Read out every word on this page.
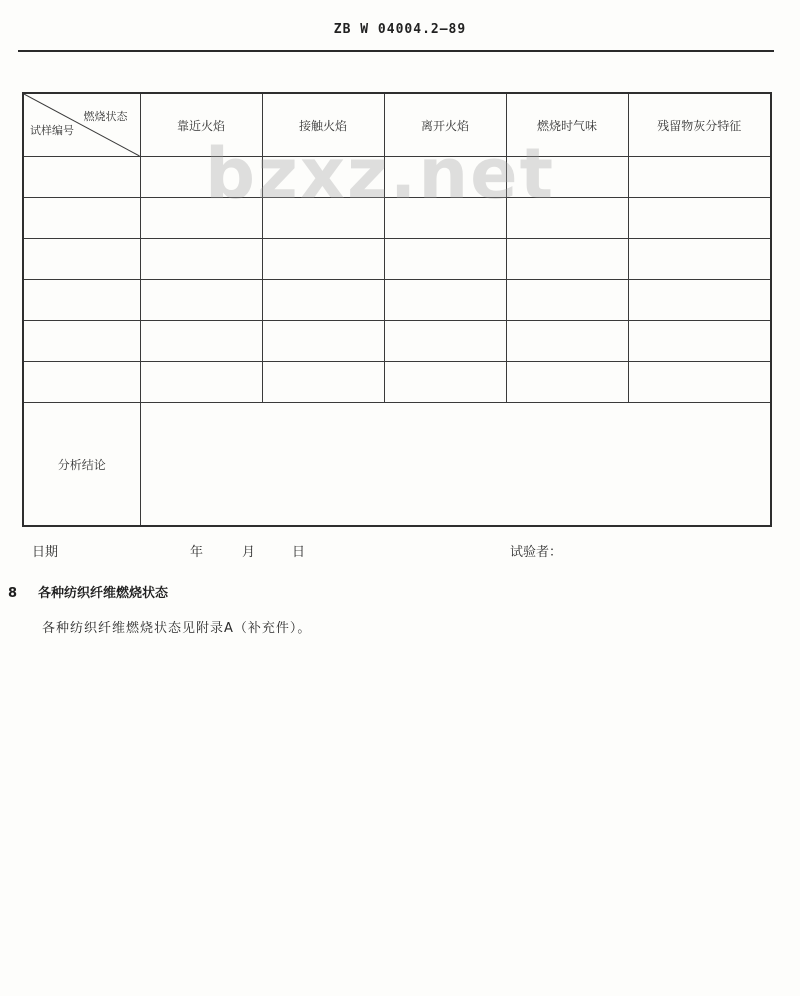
ZB W 04004.2—89
燃烧状态
试样编号	靠近火焰	接触火焰	离开火焰	燃烧时气味	残留物灰分特征

分析结论					
bzxz.net
日期	年	月	日	试验者：
8 各种纺织纤维燃烧状态
各种纺织纤维燃烧状态见附录A（补充件）。
